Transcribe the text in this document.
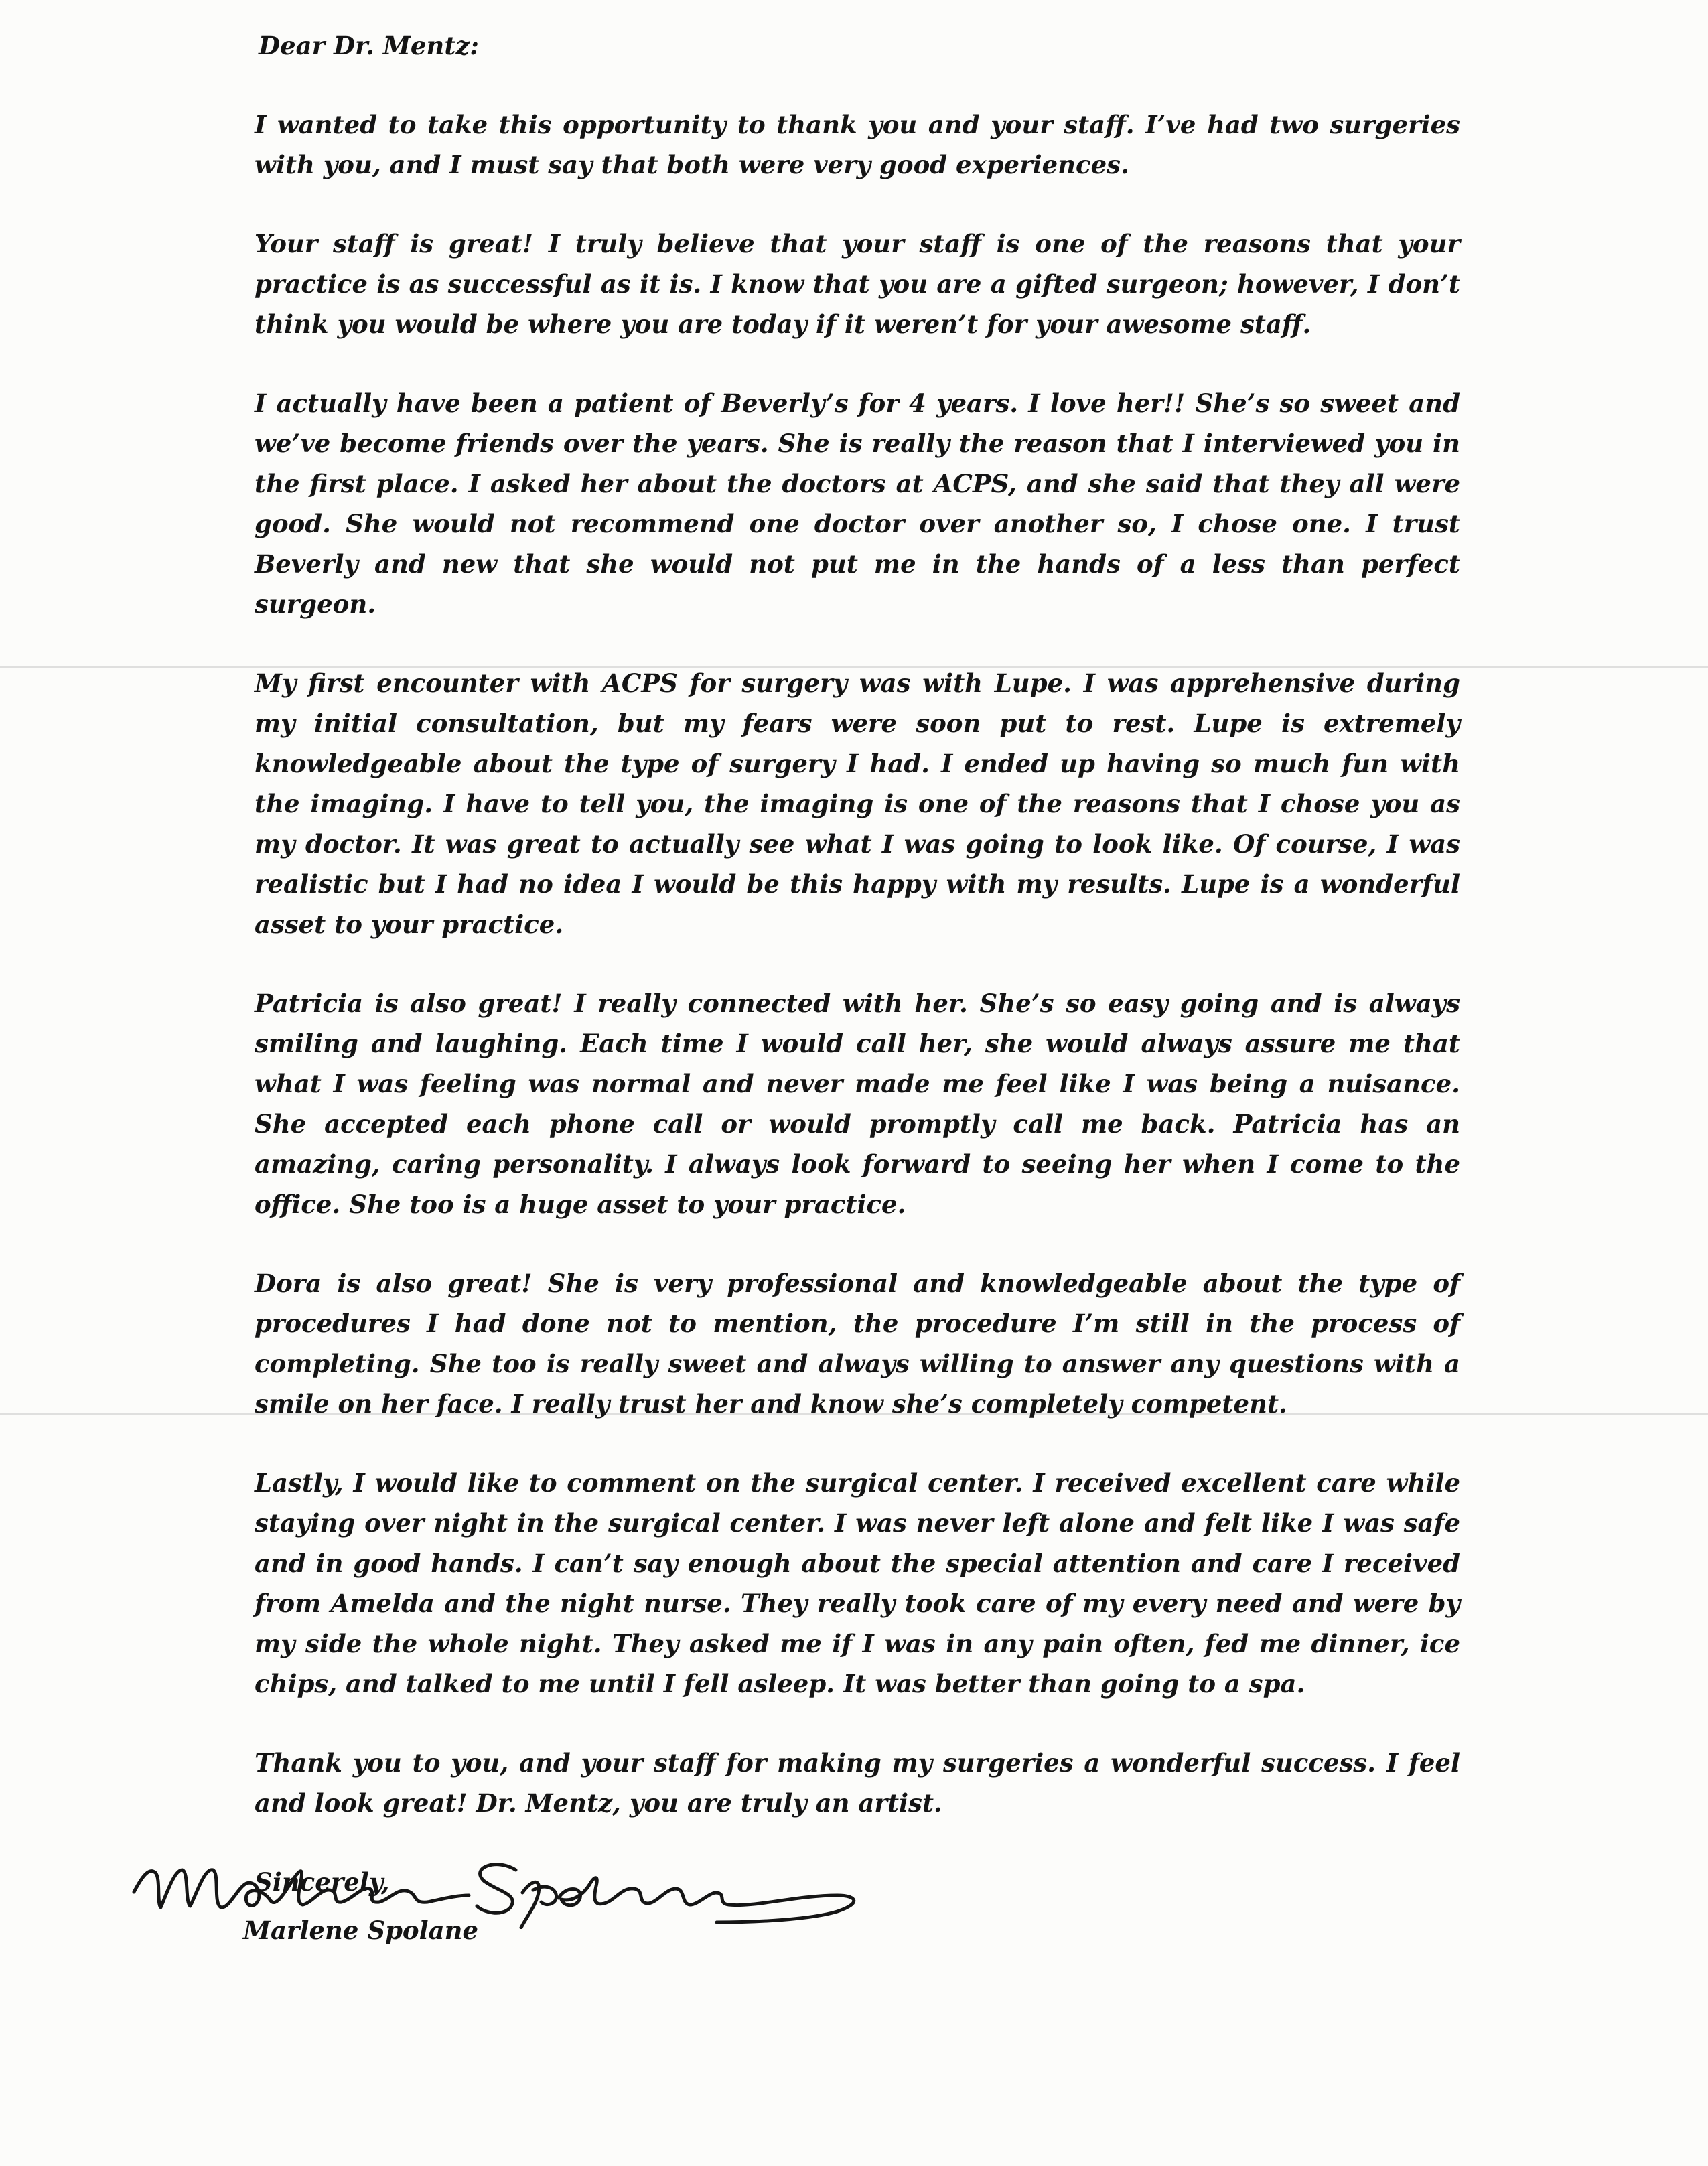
Dear Dr. Mentz:

I wanted to take this opportunity to thank you and your staff. I’ve had two surgeries with you, and I must say that both were very good experiences.

Your staff is great! I truly believe that your staff is one of the reasons that your practice is as successful as it is. I know that you are a gifted surgeon; however, I don’t think you would be where you are today if it weren’t for your awesome staff.

I actually have been a patient of Beverly’s for 4 years. I love her!! She’s so sweet and we’ve become friends over the years. She is really the reason that I interviewed you in the first place. I asked her about the doctors at ACPS, and she said that they all were good. She would not recommend one doctor over another so, I chose one. I trust Beverly and new that she would not put me in the hands of a less than perfect surgeon.

My first encounter with ACPS for surgery was with Lupe. I was apprehensive during my initial consultation, but my fears were soon put to rest. Lupe is extremely knowledgeable about the type of surgery I had. I ended up having so much fun with the imaging. I have to tell you, the imaging is one of the reasons that I chose you as my doctor. It was great to actually see what I was going to look like. Of course, I was realistic but I had no idea I would be this happy with my results. Lupe is a wonderful asset to your practice.

Patricia is also great! I really connected with her. She’s so easy going and is always smiling and laughing. Each time I would call her, she would always assure me that what I was feeling was normal and never made me feel like I was being a nuisance. She accepted each phone call or would promptly call me back. Patricia has an amazing, caring personality. I always look forward to seeing her when I come to the office. She too is a huge asset to your practice.

Dora is also great! She is very professional and knowledgeable about the type of procedures I had done not to mention, the procedure I’m still in the process of completing. She too is really sweet and always willing to answer any questions with a smile on her face. I really trust her and know she’s completely competent.

Lastly, I would like to comment on the surgical center. I received excellent care while staying over night in the surgical center. I was never left alone and felt like I was safe and in good hands. I can’t say enough about the special attention and care I received from Amelda and the night nurse. They really took care of my every need and were by my side the whole night. They asked me if I was in any pain often, fed me dinner, ice chips, and talked to me until I fell asleep. It was better than going to a spa.

Thank you to you, and your staff for making my surgeries a wonderful success. I feel and look great! Dr. Mentz, you are truly an artist.

Sincerely,

Marlene Spolane
